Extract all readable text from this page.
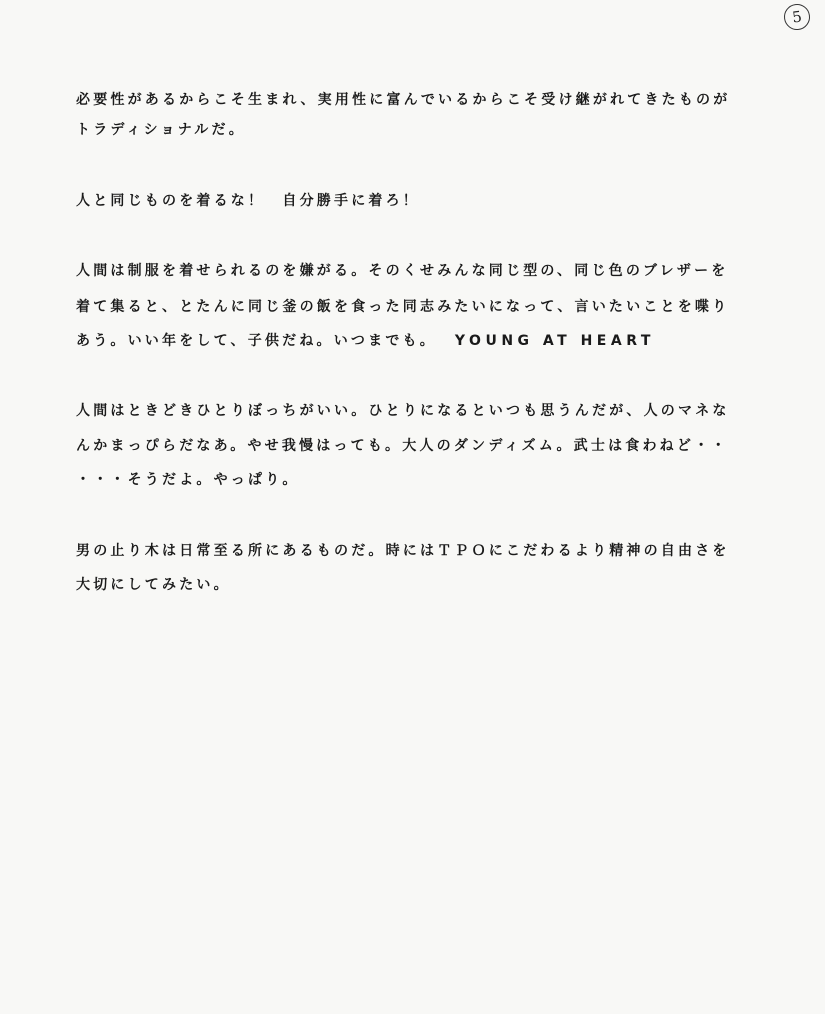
5
必要性があるからこそ生まれ、実用性に富んでいるからこそ受け継がれてきたものが
トラディショナルだ。
人と同じものを着るな！　自分勝手に着ろ！
人間は制服を着せられるのを嫌がる。そのくせみんな同じ型の、同じ色のブレザーを
着て集ると、とたんに同じ釜の飯を食った同志みたいになって、言いたいことを喋り
あう。いい年をして、子供だね。いつまでも。 YOUNG AT HEART
人間はときどきひとりぼっちがいい。ひとりになるといつも思うんだが、人のマネな
んかまっぴらだなあ。やせ我慢はっても。大人のダンディズム。武士は食わねど・・
・・・そうだよ。やっぱり。
男の止り木は日常至る所にあるものだ。時にはＴＰＯにこだわるより精神の自由さを
大切にしてみたい。
